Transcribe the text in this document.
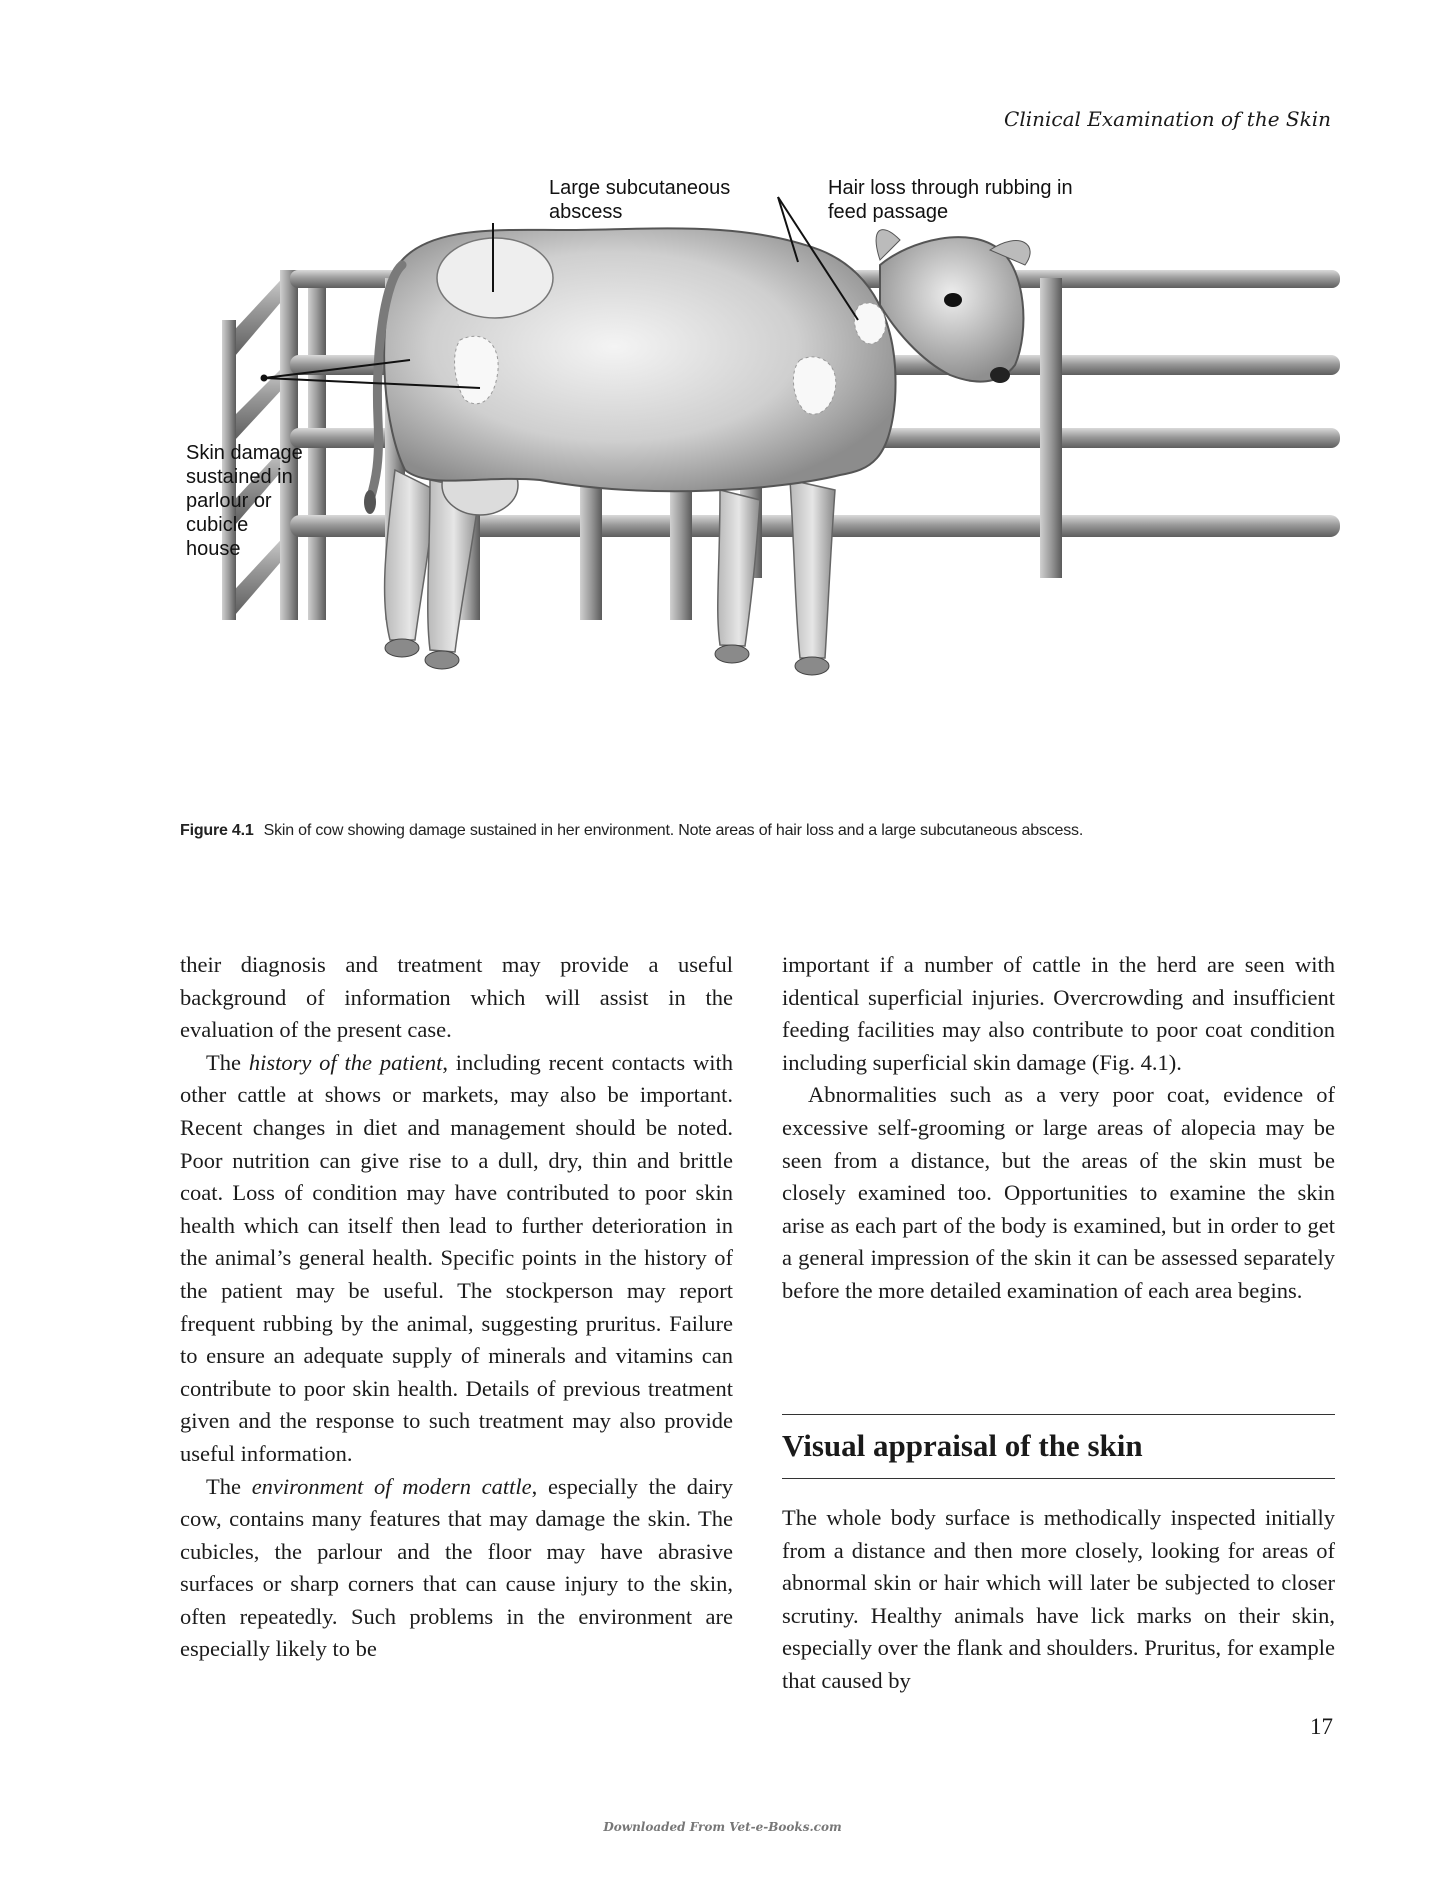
Clinical Examination of the Skin
Large subcutaneous
abscess
Hair loss through rubbing in
feed passage
Skin damage
sustained in
parlour or
cubicle
house
Figure 4.1 Skin of cow showing damage sustained in her environment. Note areas of hair loss and a large subcutaneous abscess.

their diagnosis and treatment may provide a useful background of information which will assist in the evaluation of the present case.

The history of the patient, including recent contacts with other cattle at shows or markets, may also be important. Recent changes in diet and management should be noted. Poor nutrition can give rise to a dull, dry, thin and brittle coat. Loss of condition may have contributed to poor skin health which can itself then lead to further deterioration in the animal’s general health. Specific points in the history of the patient may be useful. The stockperson may report frequent rubbing by the animal, suggesting pruritus. Failure to ensure an adequate supply of minerals and vitamins can contribute to poor skin health. Details of previous treatment given and the response to such treatment may also provide useful information.

The environment of modern cattle, especially the dairy cow, contains many features that may damage the skin. The cubicles, the parlour and the floor may have abrasive surfaces or sharp corners that can cause injury to the skin, often repeatedly. Such problems in the environment are especially likely to be

important if a number of cattle in the herd are seen with identical superficial injuries. Overcrowding and insufficient feeding facilities may also contribute to poor coat condition including superficial skin damage (Fig. 4.1).

Abnormalities such as a very poor coat, evidence of excessive self-grooming or large areas of alopecia may be seen from a distance, but the areas of the skin must be closely examined too. Opportunities to examine the skin arise as each part of the body is examined, but in order to get a general impression of the skin it can be assessed separately before the more detailed examination of each area begins.

Visual appraisal of the skin

The whole body surface is methodically inspected initially from a distance and then more closely, looking for areas of abnormal skin or hair which will later be subjected to closer scrutiny. Healthy animals have lick marks on their skin, especially over the flank and shoulders. Pruritus, for example that caused by

17
Downloaded From Vet-e-Books.com
